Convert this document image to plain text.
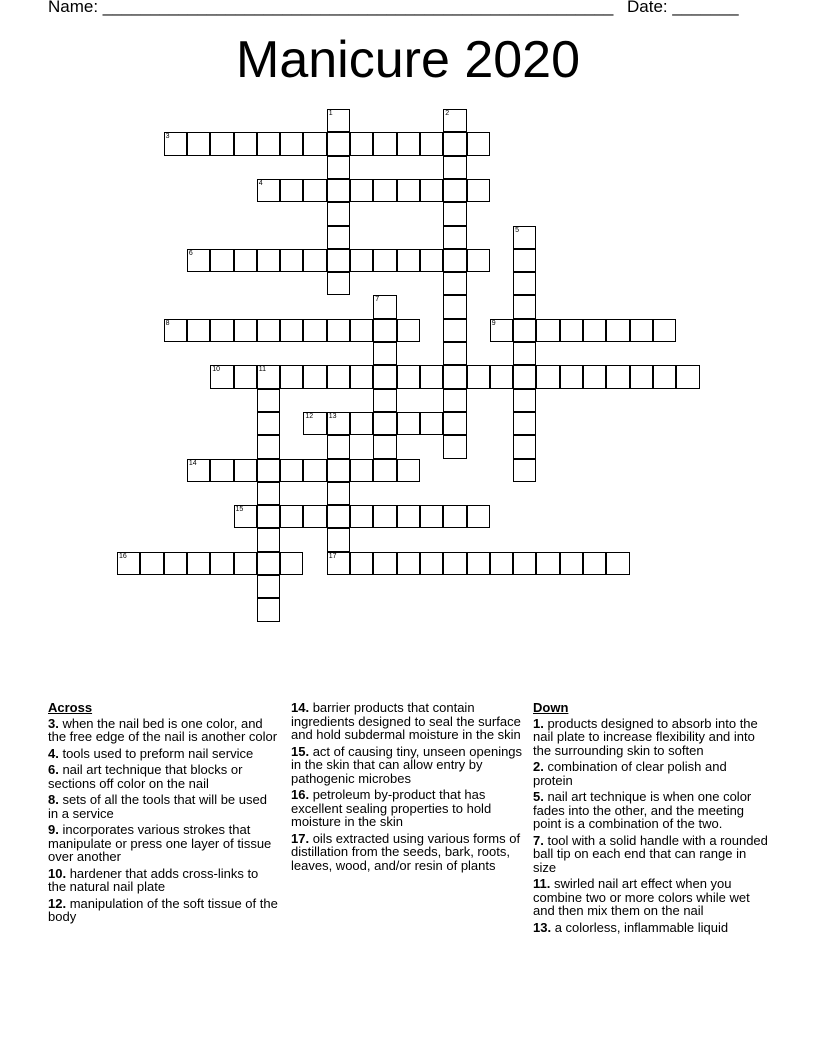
Name: ______________________________________________________ Date: _______
Manicure 2020
1	2
3
4
5
6
7
8	9
10	11
12 13
17
14
15
16
Across
3. when the nail bed is one color, and the free edge of the nail is another color
4. tools used to preform nail service
6. nail art technique that blocks or sections off color on the nail
8. sets of all the tools that will be used in a service
9. incorporates various strokes that manipulate or press one layer of tissue over another
10. hardener that adds cross-links to the natural nail plate
12. manipulation of the soft tissue of the body
14. barrier products that contain ingredients designed to seal the surface and hold subdermal moisture in the skin
15. act of causing tiny, unseen openings in the skin that can allow entry by pathogenic microbes
16. petroleum by-product that has excellent sealing properties to hold moisture in the skin
17. oils extracted using various forms of distillation from the seeds, bark, roots, leaves, wood, and/or resin of plants
Down
1. products designed to absorb into the nail plate to increase flexibility and into the surrounding skin to soften
2. combination of clear polish and protein
5. nail art technique is when one color fades into the other, and the meeting point is a combination of the two.
7. tool with a solid handle with a rounded ball tip on each end that can range in size
11. swirled nail art effect when you combine two or more colors while wet and then mix them on the nail
13. a colorless, inflammable liquid
